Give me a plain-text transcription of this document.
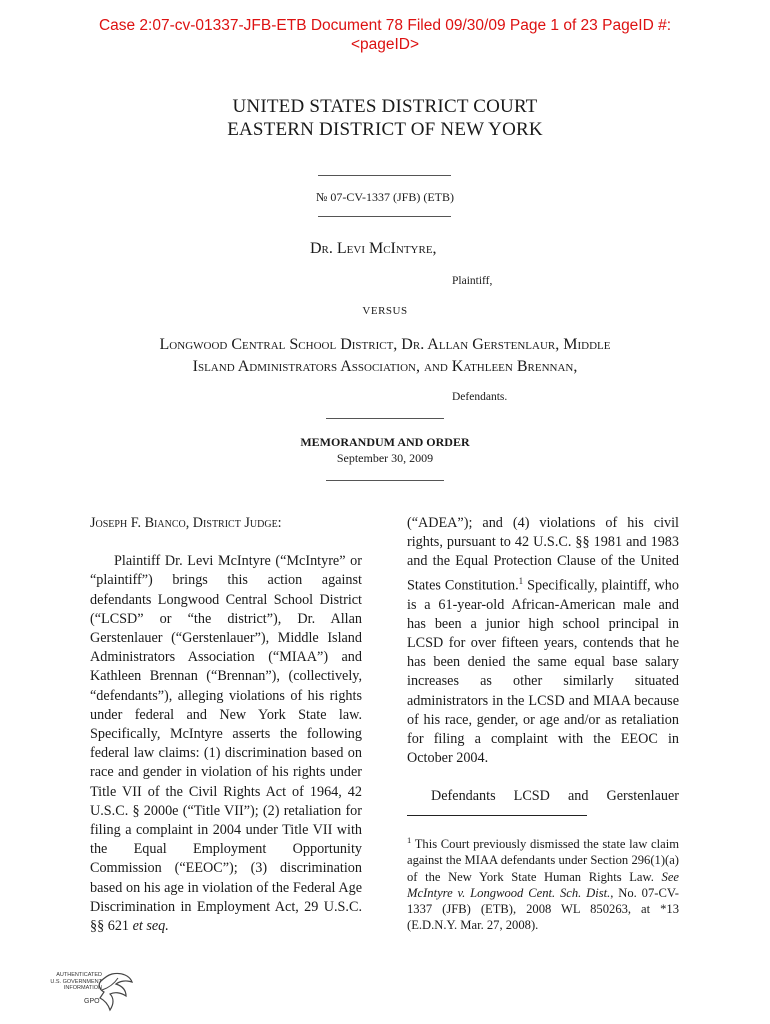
Case 2:07-cv-01337-JFB-ETB Document 78 Filed 09/30/09 Page 1 of 23 PageID #:
<pageID>
UNITED STATES DISTRICT COURT
EASTERN DISTRICT OF NEW YORK
№ 07-CV-1337 (JFB) (ETB)
Dr. Levi McIntyre,
Plaintiff,
VERSUS
Longwood Central School District, Dr. Allan Gerstenlaur, Middle
Island Administrators Association, and Kathleen Brennan,
Defendants.
MEMORANDUM AND ORDER
September 30, 2009

Joseph F. Bianco, District Judge:

Plaintiff Dr. Levi McIntyre (“McIntyre” or “plaintiff”) brings this action against defendants Longwood Central School District (“LCSD” or “the district”), Dr. Allan Gerstenlauer (“Gerstenlauer”), Middle Island Administrators Association (“MIAA”) and Kathleen Brennan (“Brennan”), (collectively, “defendants”), alleging violations of his rights under federal and New York State law. Specifically, McIntyre asserts the following federal law claims: (1) discrimination based on race and gender in violation of his rights under Title VII of the Civil Rights Act of 1964, 42 U.S.C. § 2000e (“Title VII”); (2) retaliation for filing a complaint in 2004 under Title VII with the Equal Employment Opportunity Commission (“EEOC”); (3) discrimination based on his age in violation of the Federal Age Discrimination in Employment Act, 29 U.S.C. §§ 621 et seq.

(“ADEA”); and (4) violations of his civil rights, pursuant to 42 U.S.C. §§ 1981 and 1983 and the Equal Protection Clause of the United States Constitution.$^1$ Specifically, plaintiff, who is a 61-year-old African-American male and has been a junior high school principal in LCSD for over fifteen years, contends that he has been denied the same equal base salary increases as other similarly situated administrators in the LCSD and MIAA because of his race, gender, or age and/or as retaliation for filing a complaint with the EEOC in October 2004.

Defendants LCSD and Gerstenlauer

$^1$ This Court previously dismissed the state law claim against the MIAA defendants under Section 296(1)(a) of the New York State Human Rights Law. See McIntyre v. Longwood Cent. Sch. Dist., No. 07-CV-1337 (JFB) (ETB), 2008 WL 850263, at *13 (E.D.N.Y. Mar. 27, 2008).
AUTHENTICATED
U.S. GOVERNMENT
INFORMATION
GPO
